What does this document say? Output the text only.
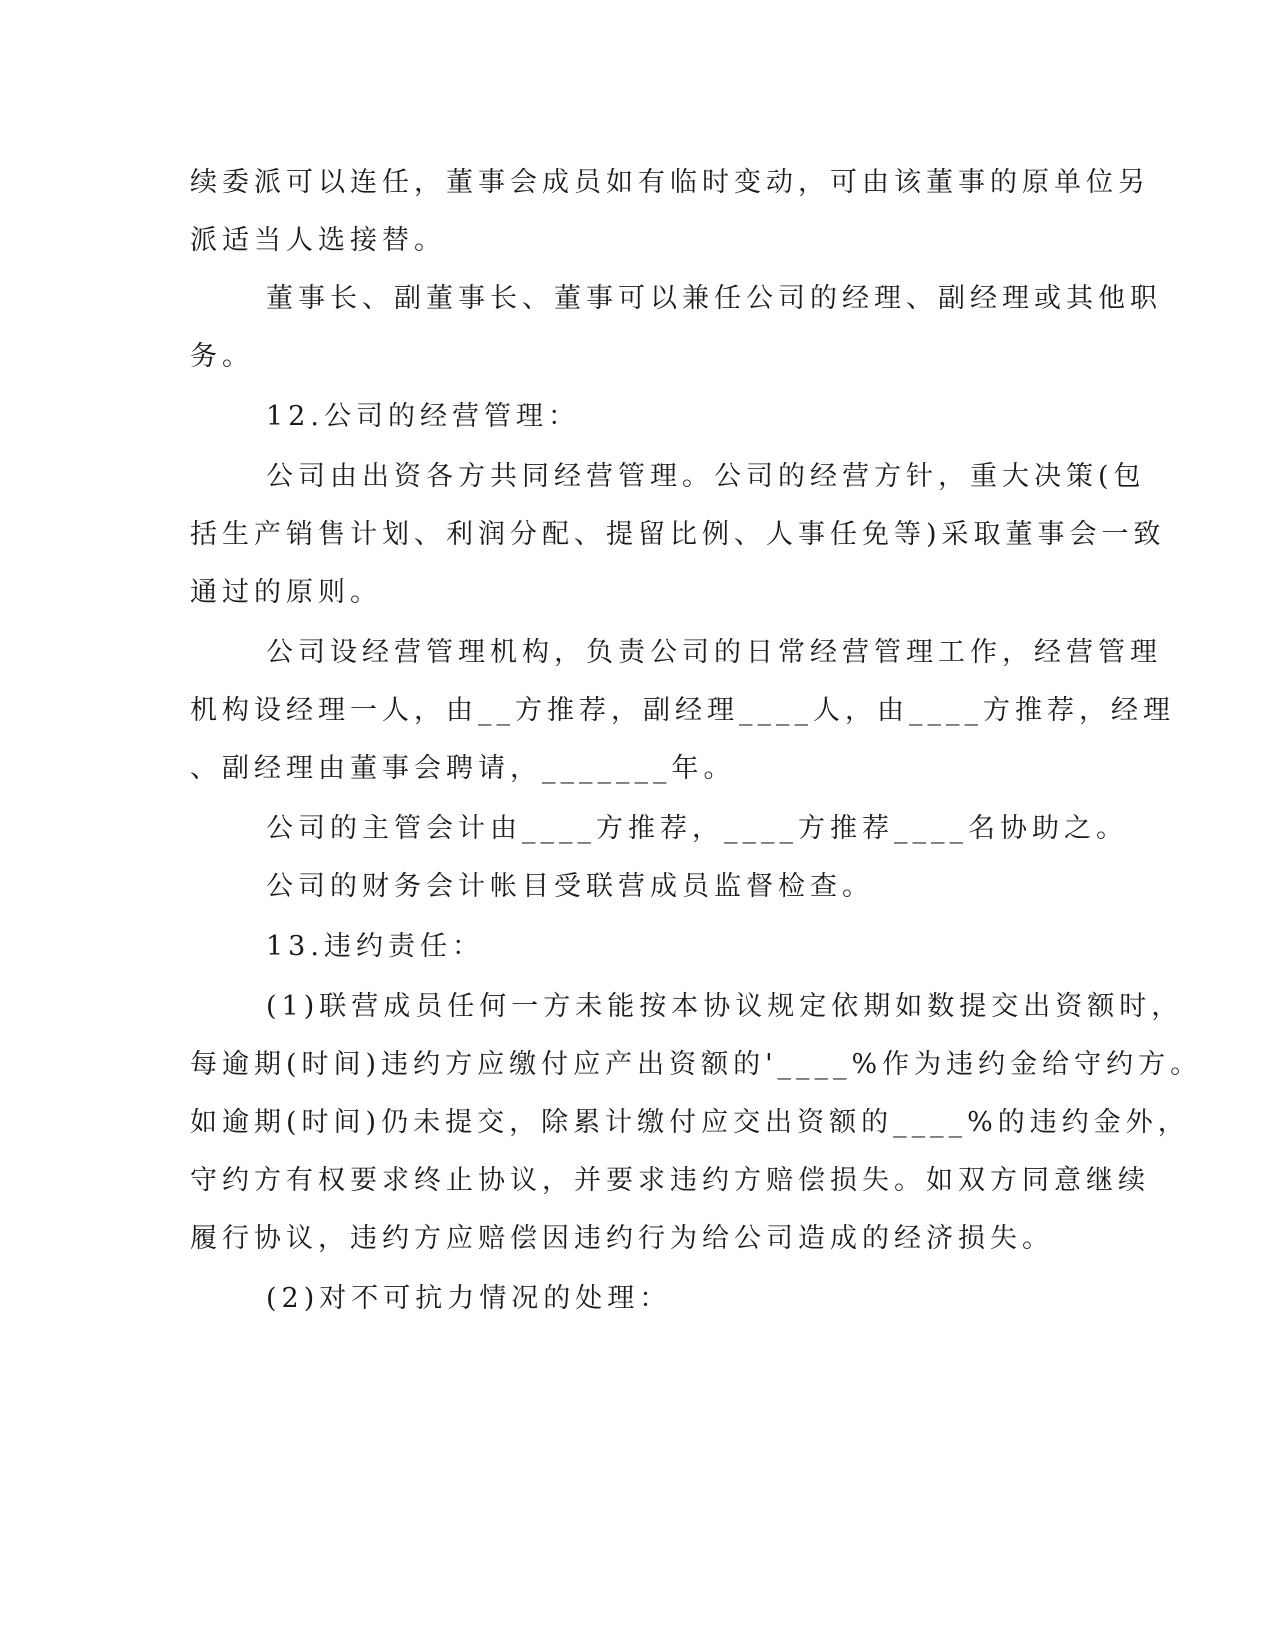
续委派可以连任，董事会成员如有临时变动，可由该董事的原单位另
派适当人选接替。
董事长、副董事长、董事可以兼任公司的经理、副经理或其他职
务。
12.公司的经营管理：
公司由出资各方共同经营管理。公司的经营方针，重大决策(包
括生产销售计划、利润分配、提留比例、人事任免等)采取董事会一致
通过的原则。
公司设经营管理机构，负责公司的日常经营管理工作，经营管理
机构设经理一人，由__方推荐，副经理____人，由____方推荐，经理
、副经理由董事会聘请，_______年。
公司的主管会计由____方推荐，____方推荐____名协助之。
公司的财务会计帐目受联营成员监督检查。
13.违约责任：
(1)联营成员任何一方未能按本协议规定依期如数提交出资额时，
每逾期(时间)违约方应缴付应产出资额的'____%作为违约金给守约方。
如逾期(时间)仍未提交，除累计缴付应交出资额的____%的违约金外，
守约方有权要求终止协议，并要求违约方赔偿损失。如双方同意继续
履行协议，违约方应赔偿因违约行为给公司造成的经济损失。
(2)对不可抗力情况的处理：
